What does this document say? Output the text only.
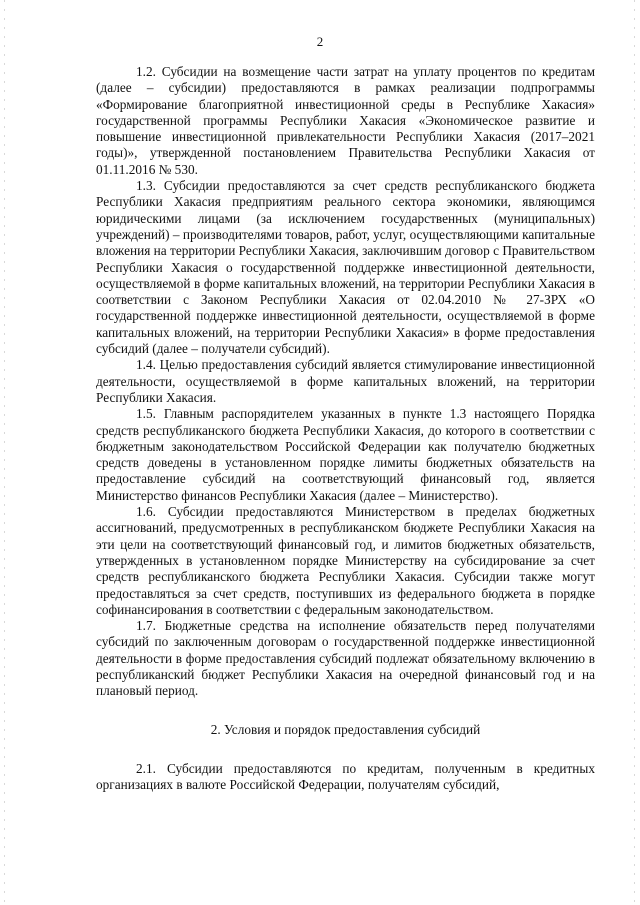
2

1.2. Субсидии на возмещение части затрат на уплату процентов по кредитам (далее – субсидии) предоставляются в рамках реализации подпрограммы «Формирование благоприятной инвестиционной среды в Республике Хакасия» государственной программы Республики Хакасия «Экономическое развитие и повышение инвестиционной привлекательности Республики Хакасия (2017–2021 годы)», утвержденной постановлением Правительства Республики Хакасия от 01.11.2016 № 530.

1.3. Субсидии предоставляются за счет средств республиканского бюджета Республики Хакасия предприятиям реального сектора экономики, являющимся юридическими лицами (за исключением государственных (муниципальных) учреждений) – производителями товаров, работ, услуг, осуществляющими капитальные вложения на территории Республики Хакасия, заключившим договор с Правительством Республики Хакасия о государственной поддержке инвестиционной деятельности, осуществляемой в форме капитальных вложений, на территории Республики Хакасия в соответствии с Законом Республики Хакасия от 02.04.2010 № 27-ЗРХ «О государственной поддержке инвестиционной деятельности, осуществляемой в форме капитальных вложений, на территории Республики Хакасия» в форме предоставления субсидий (далее – получатели субсидий).

1.4. Целью предоставления субсидий является стимулирование инвестиционной деятельности, осуществляемой в форме капитальных вложений, на территории Республики Хакасия.

1.5. Главным распорядителем указанных в пункте 1.3 настоящего Порядка средств республиканского бюджета Республики Хакасия, до которого в соответствии с бюджетным законодательством Российской Федерации как получателю бюджетных средств доведены в установленном порядке лимиты бюджетных обязательств на предоставление субсидий на соответствующий финансовый год, является Министерство финансов Республики Хакасия (далее – Министерство).

1.6. Субсидии предоставляются Министерством в пределах бюджетных ассигнований, предусмотренных в республиканском бюджете Республики Хакасия на эти цели на соответствующий финансовый год, и лимитов бюджетных обязательств, утвержденных в установленном порядке Министерству на субсидирование за счет средств республиканского бюджета Республики Хакасия. Субсидии также могут предоставляться за счет средств, поступивших из федерального бюджета в порядке софинансирования в соответствии с федеральным законодательством.

1.7. Бюджетные средства на исполнение обязательств перед получателями субсидий по заключенным договорам о государственной поддержке инвестиционной деятельности в форме предоставления субсидий подлежат обязательному включению в республиканский бюджет Республики Хакасия на очередной финансовый год и на плановый период.

2. Условия и порядок предоставления субсидий

2.1. Субсидии предоставляются по кредитам, полученным в кредитных организациях в валюте Российской Федерации, получателям субсидий,
